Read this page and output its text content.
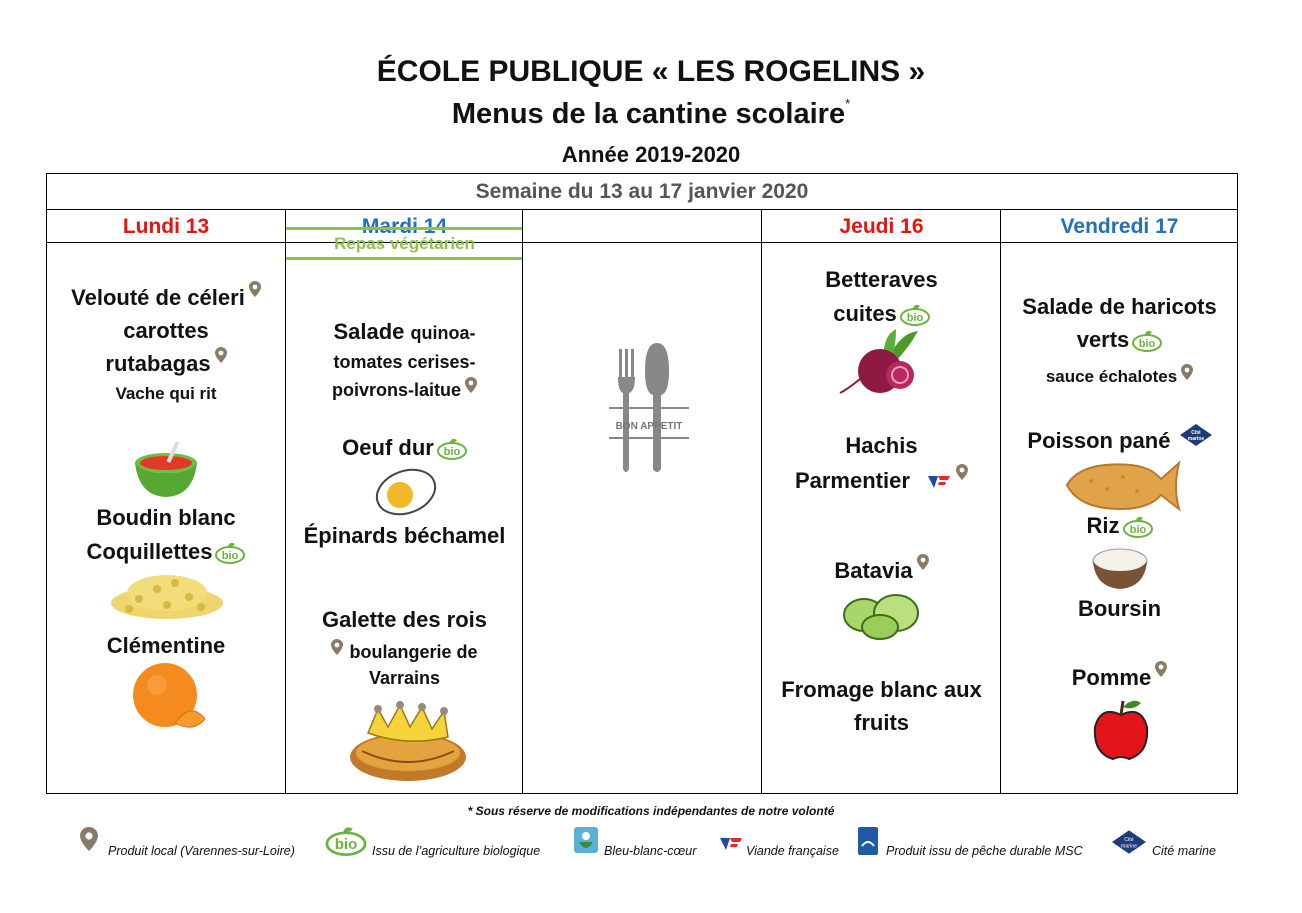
ÉCOLE PUBLIQUE « LES ROGELINS »
Menus de la cantine scolaire*
Année 2019-2020
Semaine du 13 au 17 janvier 2020
Lundi 13
Velouté de céleri
carottes
rutabagas
Vache qui rit
Boudin blanc
Coquillettes bio
Clémentine
Mardi 14
Repas végétarien
Salade quinoa-
tomates cerises-
poivrons-laitue
Oeuf dur bio
Épinards béchamel
Galette des rois
boulangerie de
Varrains
BON APPETIT
Jeudi 16
Betteraves
cuites bio
Hachis
Parmentier
Batavia
Fromage blanc aux
fruits
Vendredi 17
Salade de haricots
verts bio
sauce échalotes
Poisson pané	Cité
marine
Riz bio
Boursin
Pomme
* Sous réserve de modifications indépendantes de notre volonté
Produit local (Varennes-sur-Loire)	bio Issu de l’agriculture biologique	Bleu-blanc-cœur	Viande française	Produit issu de pêche durable MSC
Cité
marine Cité marine
